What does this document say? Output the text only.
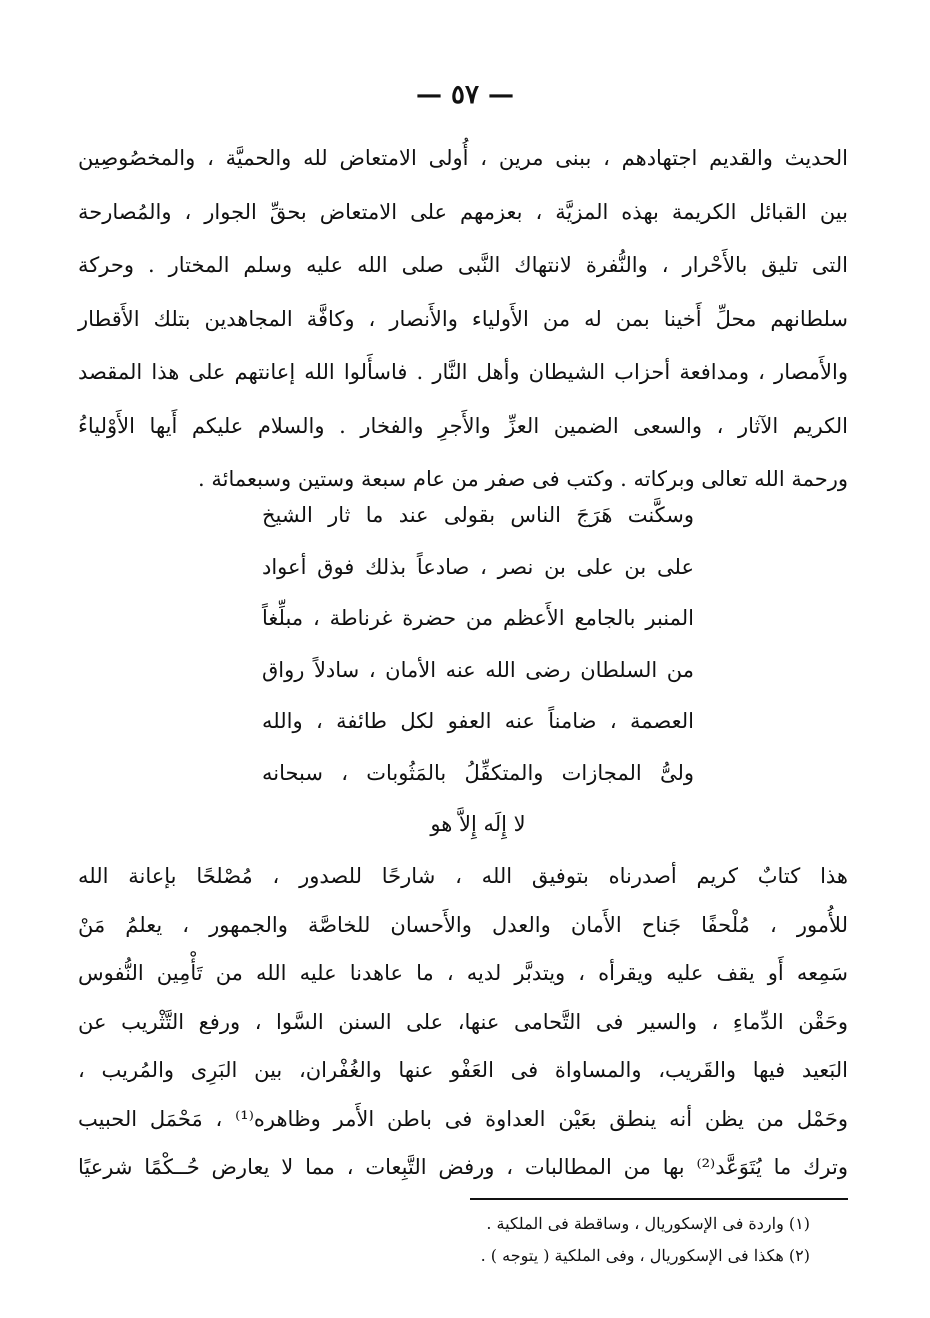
— ٥٧ —
الحديث والقديم اجتهادهم ، ببنى مرين ، أُولى الامتعاض لله والحميَّة ، والمخصُوصِين
بين القبائل الكريمة بهذه المزيَّة ، بعزمهم على الامتعاض بحقِّ الجوار ، والمُصارحة
التى تليق بالأَحْرار ، والنُّفرة لانتهاك النَّبى صلى الله عليه وسلم المختار . وحركة
سلطانهم محلِّ أَخينا بمن له من الأَولياء والأَنصار ، وكافَّة المجاهدين بتلك الأَقطار
والأَمصار ، ومدافعة أحزاب الشيطان وأهل النَّار . فاسأَلوا الله إعانتهم على هذا المقصد
الكريم الآثار ، والسعى الضمين العزِّ والأَجرِ والفخار . والسلام عليكم أَيها الأَوْلياءُ
ورحمة الله تعالى وبركاته . وكتب فى صفر من عام سبعة وستين وسبعمائة .
وسكَّنت هَرَجَ الناس بقولى عند ما ثار الشيخ
على بن على بن نصر ، صادعاً بذلك فوق أعواد
المنبر بالجامع الأَعظم من حضرة غرناطة ، مبلِّغاً
من السلطان رضى الله عنه الأمان ، سادلاً رواق
العصمة ، ضامناً عنه العفو لكل طائفة ، والله
ولىُّ المجازات والمتكفِّلُ بالمَثُوبات ، سبحانه
لا إِلَه إِلاَّ هو
هذا كتابٌ كريم أصدرناه بتوفيق الله ، شارحًا للصدور ، مُصْلحًا بإعانة الله
للأُمور ، مُلْحفًا جَناح الأَمان والعدل والأَحسان للخاصَّة والجمهور ، يعلمُ مَنْ
سَمِعه أَو يقف عليه ويقرأه ، ويتدبَّر لديه ، ما عاهدنا عليه الله من تَأْمِين النُّفوس
وحَقْن الدِّماءِ ، والسير فى التَّحامى عنها، على السنن السَّوا ، ورفع التَّثْريب عن
البَعيد فيها والقَريب، والمساواة فى العَفْو عنها والغُفْران، بين البَرِى والمُريب ،
وحَمْل من يظن أنه ينطق بعَيْن العداوة فى باطن الأَمر وظاهره⁽¹⁾ ، مَحْمَل الحبيب
وترك ما يُتَوَعَّد⁽²⁾ بها من المطالبات ، ورفض التَّبِعات ، مما لا يعارض حُــكْمًا شرعيًا
(١) واردة فى الإسكوريال ، وساقطة فى الملكية .
(٢) هكذا فى الإسكوريال ، وفى الملكية ( يتوجه ) .
